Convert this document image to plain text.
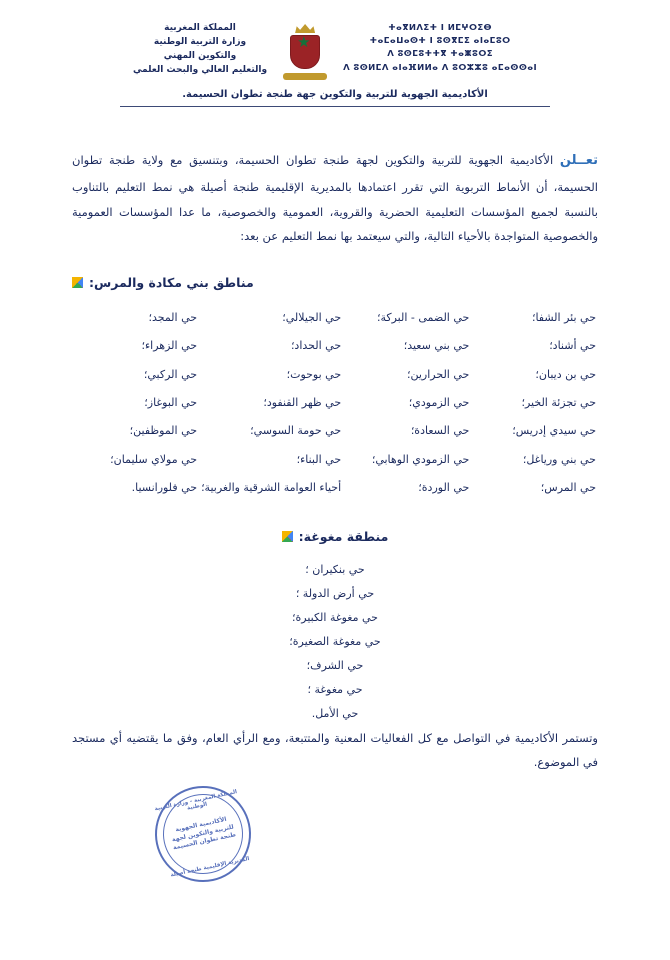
المملكة المغربية
وزارة التربية الوطنية
والتكوين المهني
والتعليم العالي والبحث العلمي
ⵜⴰⴳⵍⴷⵉⵜ ⵏ ⵍⵎⵖⵔⵉⴱ
ⵜⴰⵎⴰⵡⴰⵙⵜ ⵏ ⵓⵙⴳⵎⵉ ⴰⵏⴰⵎⵓⵔ
ⴷ ⵓⵙⵎⵓⵜⵜⴳ ⵜⴰⵥⵓⵔⵉ
ⴷ ⵓⵙⵍⵎⴷ ⴰⵏⴰⴼⵍⵍⴰ ⴷ ⵓⵔⵣⵣⵓ ⴰⵎⴰⵙⵙⴰⵏ
الأكاديمية الجهوية للتربية والتكوين جهة طنجة تطوان الحسيمة.

تعــلن الأكاديمية الجهوية للتربية والتكوين لجهة طنجة تطوان الحسيمة، وبتنسيق مع ولاية طنجة تطوان الحسيمة، أن الأنماط التربوية التي تقرر اعتمادها بالمديرية الإقليمية طنجة أصيلة هي نمط التعليم بالتناوب بالنسبة لجميع المؤسسات التعليمية الحضرية والقروية، العمومية والخصوصية، ما عدا المؤسسات العمومية والخصوصية المتواجدة بالأحياء التالية، والتي سيعتمد بها نمط التعليم عن بعد:

مناطق بني مكادة والمرس:
حي بئر الشفا؛	حي الضمى - البركة؛	حي الجيلالي؛	حي المجد؛
حي أشناد؛	حي بني سعيد؛	حي الحداد؛	حي الزهراء؛
حي بن ديبان؛	حي الحرارين؛	حي بوحوت؛	حي الركبي؛
حي تجزئة الخير؛	حي الزمودي؛	حي ظهر القنفود؛	حي البوغاز؛
حي سيدي إدريس؛	حي السعادة؛	حي حومة السوسي؛	حي الموظفين؛
حي بني ورياغل؛	حي الزمودي الوهابي؛	حي البناء؛	حي مولاي سليمان؛
حي المرس؛	حي الوردة؛	أحياء العوامة الشرقية والغربية؛	حي فلورانسيا.
منطقة مغوغة:
حي بنكيران ؛
حي أرض الدولة ؛
حي مغوغة الكبيرة؛
حي مغوغة الصغيرة؛
حي الشرف؛
حي مغوغة ؛
حي الأمل.

وتستمر الأكاديمية في التواصل مع كل الفعاليات المعنية والمتتبعة، ومع الرأي العام، وفق ما يقتضيه أي مستجد في الموضوع.

المملكة المغربية - وزارة التربية الوطنية
الأكاديمية الجهوية للتربية والتكوين لجهة طنجة تطوان الحسيمة
المديرية الإقليمية طنجة أصيلة
